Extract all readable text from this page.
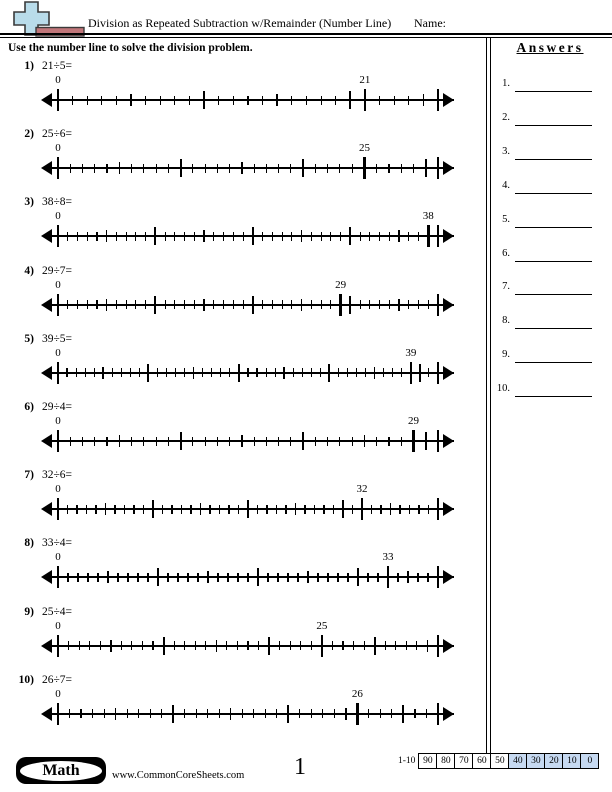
Division as Repeated Subtraction w/Remainder (Number Line) Name:
Use the number line to solve the division problem.
1) 21÷5=
0	21
2) 25÷6=
0	25
3) 38÷8=
0	38
4) 29÷7=
0	29
5) 39÷5=
0	39
6) 29÷4=
0	29
7) 32÷6=
0	32
8) 33÷4=
0	33
9) 25÷4=
0	25
10) 26÷7=
0	26
Answers
1.
2.
3.
4.
5.
6.
7.
8.
9.
10.
Math	www.CommonCoreSheets.com	1	1-10 90 80 70 60 50 40 30 20 10	0
